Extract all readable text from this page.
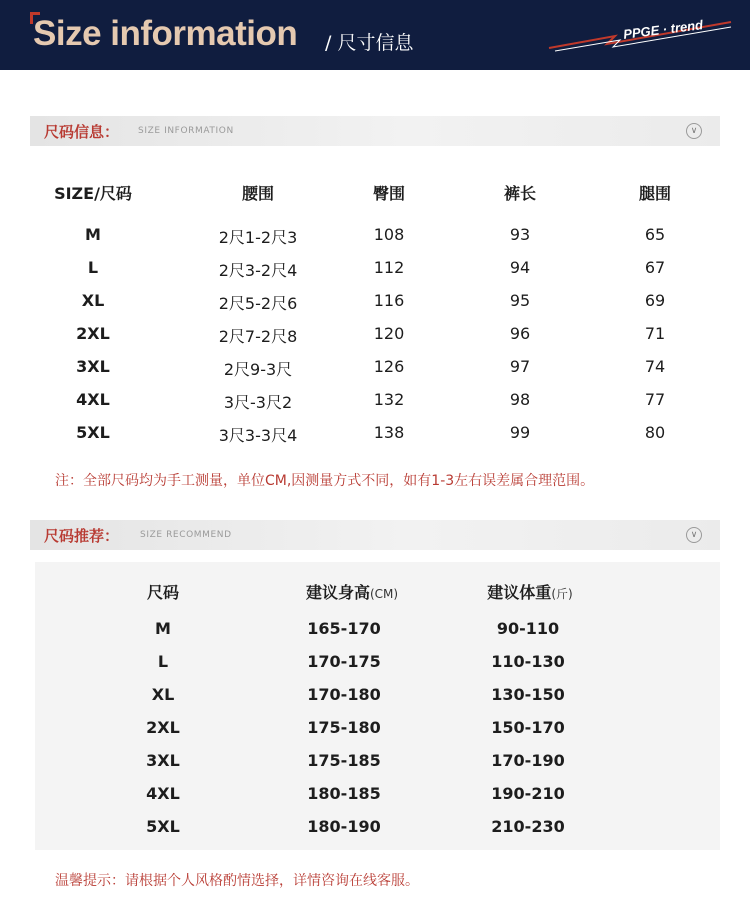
Size information / 尺寸信息
PPGE · trend
尺码信息： SIZE INFORMATION	∨
SIZE/尺码	腰围	臀围	裤长	腿围
M	2尺1-2尺3	108	93	65
L	2尺3-2尺4	112	94	67
XL	2尺5-2尺6	116	95	69
2XL	2尺7-2尺8	120	96	71
3XL	2尺9-3尺	126	97	74
4XL	3尺-3尺2	132	98	77
5XL	3尺3-3尺4	138	99	80
注：全部尺码均为手工测量，单位CM,因测量方式不同，如有1-3左右误差属合理范围。
尺码推荐： SIZE RECOMMEND	∨
尺码	建议身高(CM)	建议体重(斤)
M	165-170	90-110
L	170-175	110-130
XL	170-180	130-150
2XL	175-180	150-170
3XL	175-185	170-190
4XL	180-185	190-210
5XL	180-190	210-230
温馨提示：请根据个人风格酌情选择，详情咨询在线客服。
